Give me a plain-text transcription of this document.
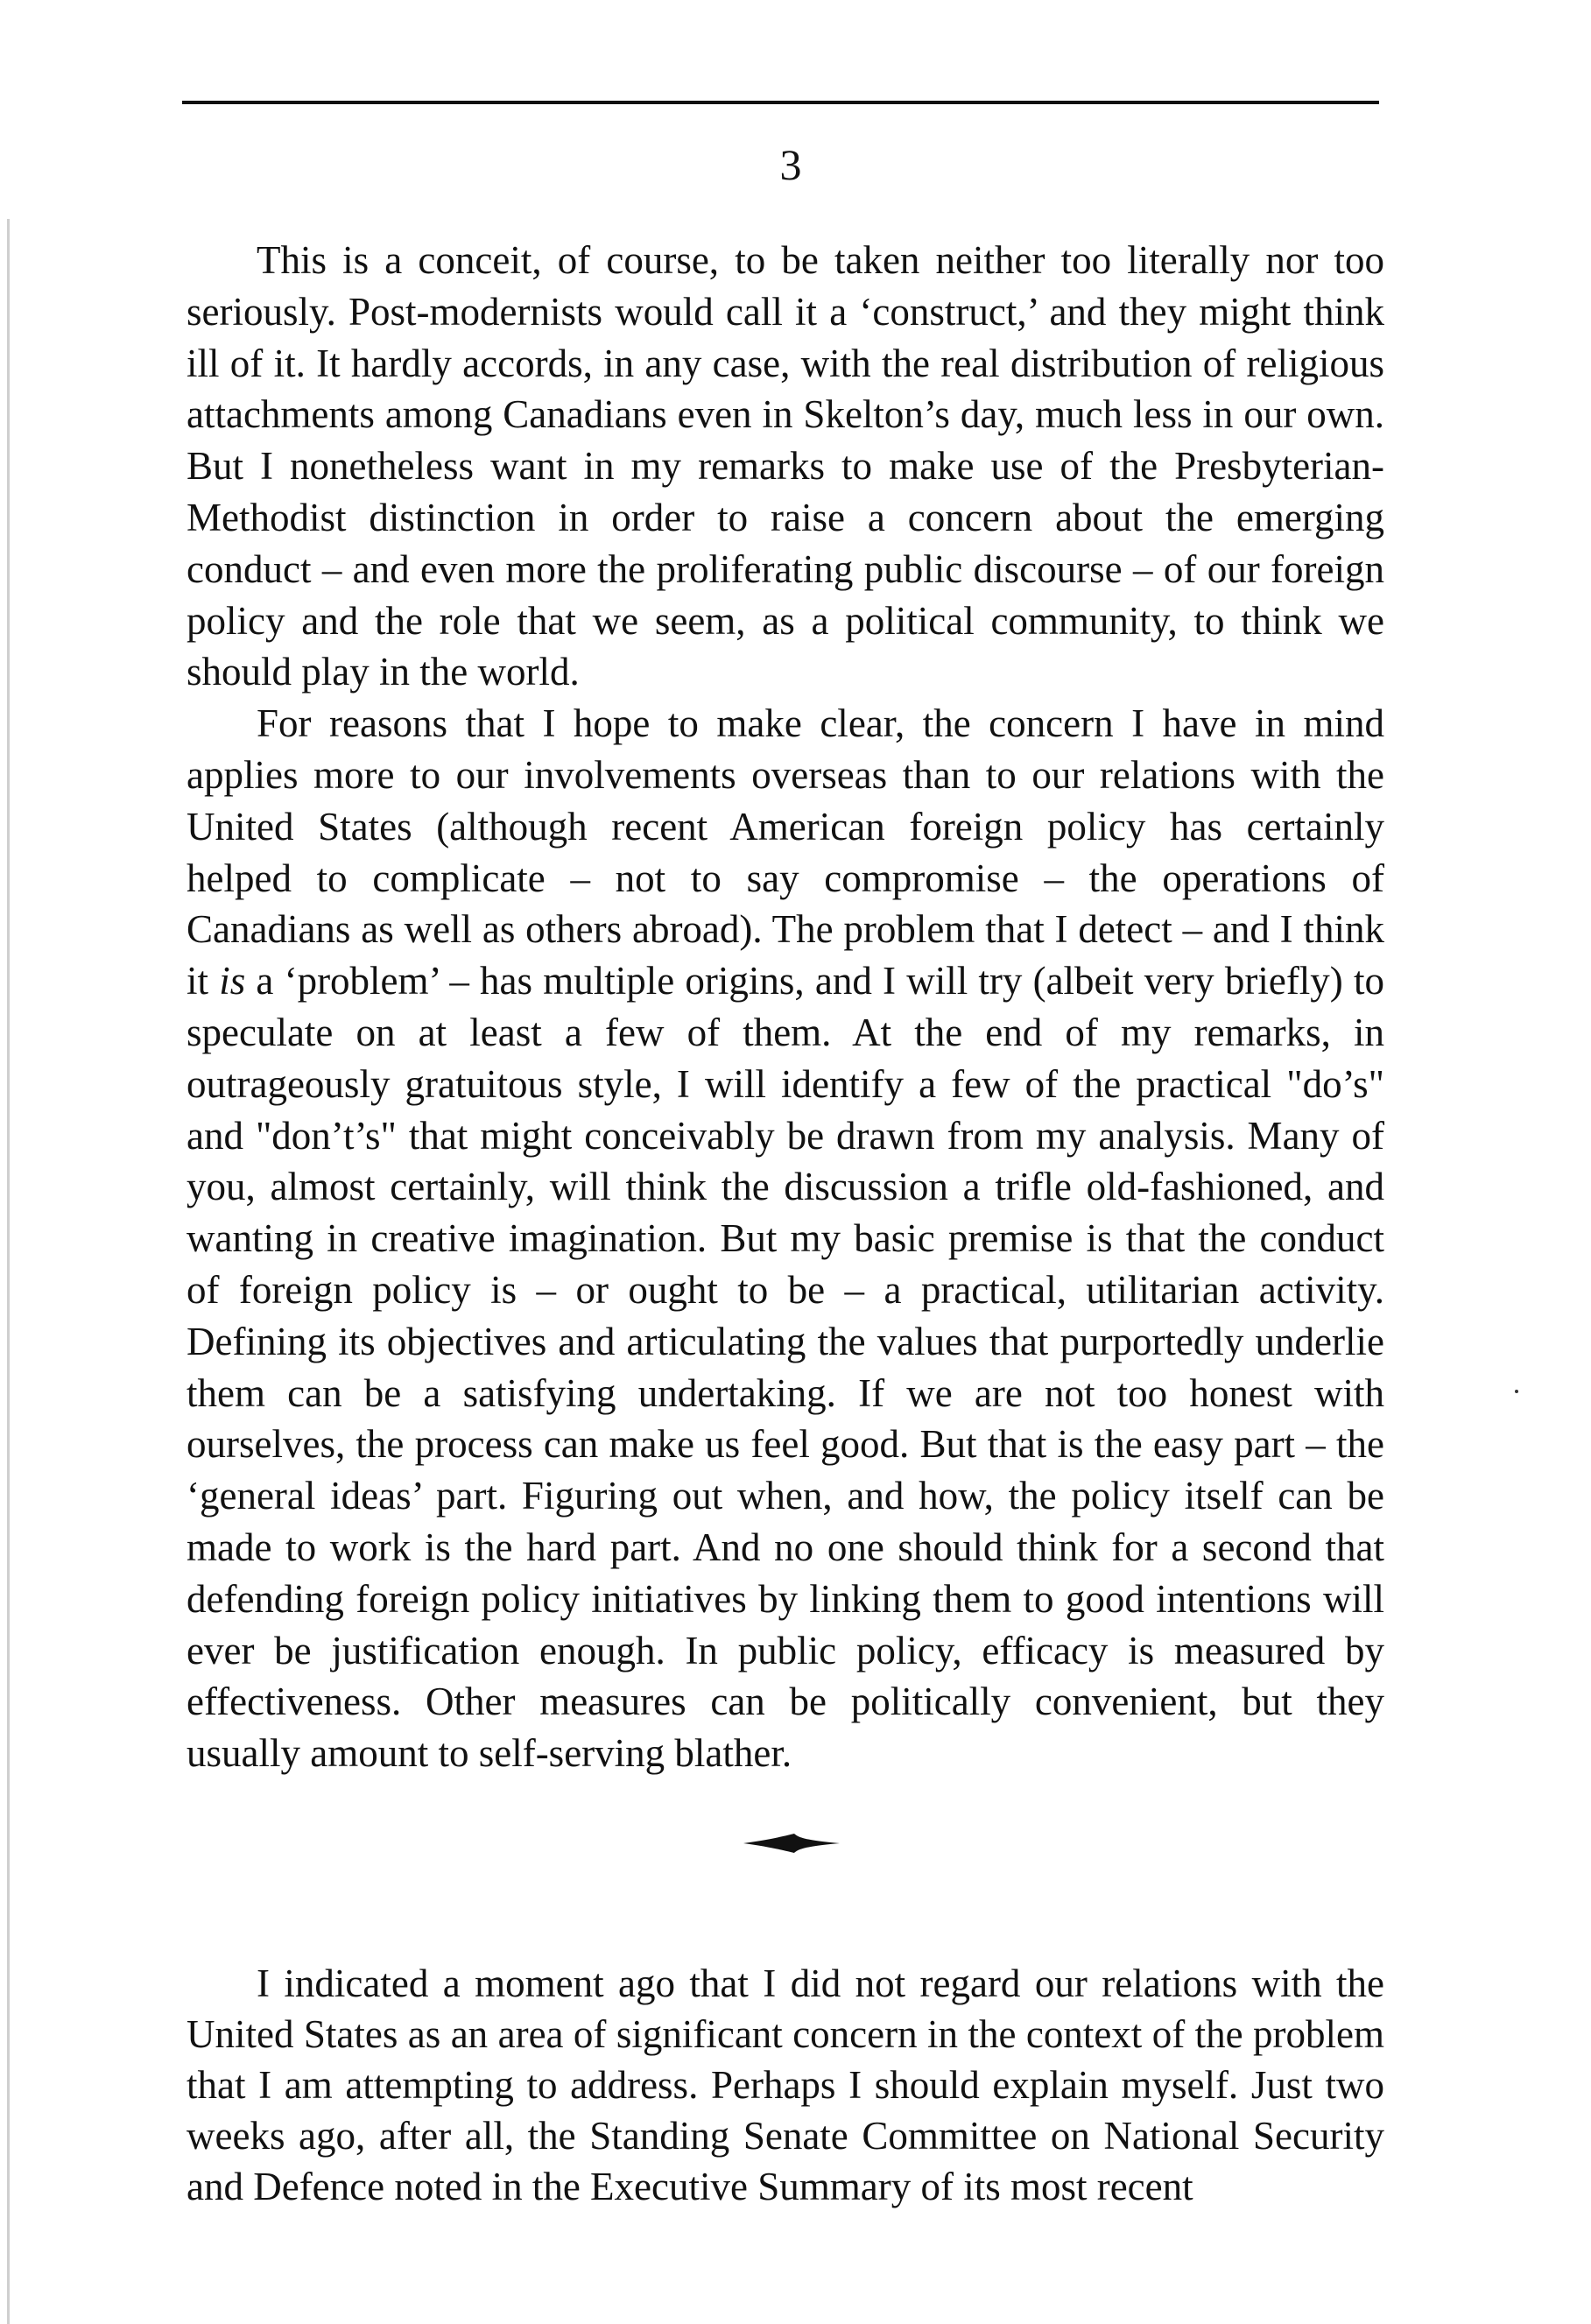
3

This is a conceit, of course, to be taken neither too literally nor too seriously. Post-modernists would call it a ‘construct,’ and they might think ill of it. It hardly accords, in any case, with the real distribution of religious attachments among Canadians even in Skelton’s day, much less in our own. But I nonetheless want in my remarks to make use of the Presbyterian-Methodist distinction in order to raise a concern about the emerging conduct – and even more the proliferating public discourse – of our foreign policy and the role that we seem, as a political community, to think we should play in the world.

For reasons that I hope to make clear, the concern I have in mind applies more to our involvements overseas than to our relations with the United States (although recent American foreign policy has certainly helped to complicate – not to say compromise – the operations of Canadians as well as others abroad). The problem that I detect – and I think it is a ‘problem’ – has multiple origins, and I will try (albeit very briefly) to speculate on at least a few of them. At the end of my remarks, in outrageously gratuitous style, I will identify a few of the practical "do’s" and "don’t’s" that might conceivably be drawn from my analysis. Many of you, almost certainly, will think the discussion a trifle old-fashioned, and wanting in creative imagination. But my basic premise is that the conduct of foreign policy is – or ought to be – a practical, utilitarian activity. Defining its objectives and articulating the values that purportedly underlie them can be a satisfying undertaking. If we are not too honest with ourselves, the process can make us feel good. But that is the easy part – the ‘general ideas’ part. Figuring out when, and how, the policy itself can be made to work is the hard part. And no one should think for a second that defending foreign policy initiatives by linking them to good intentions will ever be justification enough. In public policy, efficacy is measured by effectiveness. Other measures can be politically convenient, but they usually amount to self-serving blather.

I indicated a moment ago that I did not regard our relations with the United States as an area of significant concern in the context of the problem that I am attempting to address. Perhaps I should explain myself. Just two weeks ago, after all, the Standing Senate Committee on National Security and Defence noted in the Executive Summary of its most recent
